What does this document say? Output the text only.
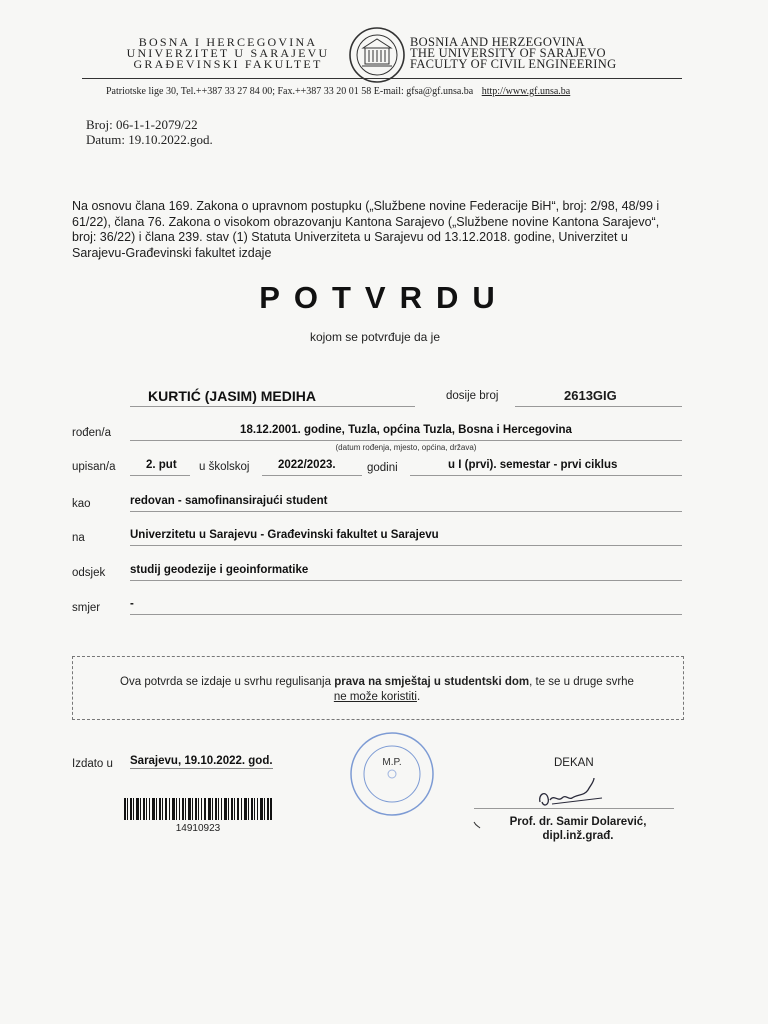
BOSNA I HERCEGOVINA
UNIVERZITET U SARAJEVU
GRAĐEVINSKI FAKULTET
BOSNIA AND HERZEGOVINA
THE UNIVERSITY OF SARAJEVO
FACULTY OF CIVIL ENGINEERING
Patriotske lige 30, Tel.++387 33 27 84 00; Fax.++387 33 20 01 58 E-mail: gfsa@gf.unsa.ba http://www.gf.unsa.ba
Broj: 06-1-1-2079/22
Datum: 19.10.2022.god.
Na osnovu člana 169. Zakona o upravnom postupku („Službene novine Federacije BiH“, broj: 2/98, 48/99 i 61/22), člana 76. Zakona o visokom obrazovanju Kantona Sarajevo („Službene novine Kantona Sarajevo“, broj: 36/22) i člana 239. stav (1) Statuta Univerziteta u Sarajevu od 13.12.2018. godine, Univerzitet u Sarajevu-Građevinski fakultet izdaje
POTVRDU
kojom se potvrđuje da je
KURTIĆ (JASIM) MEDIHA	dosije broj	2613GIG
rođen/a	18.12.2001. godine, Tuzla, općina Tuzla, Bosna i Hercegovina
(datum rođenja, mjesto, općina, država)
upisan/a	2. put u školskoj 2022/2023.	godini	u I (prvi). semestar - prvi ciklus
kao	redovan - samofinansirajući student
na	Univerzitetu u Sarajevu - Građevinski fakultet u Sarajevu
odsjek studij geodezije i geoinformatike
smjer	-
Ova potvrda se izdaje u svrhu regulisanja prava na smještaj u studentski dom, te se u druge svrhe
ne može koristiti.
Izdato u Sarajevu, 19.10.2022. god.	M.P.	DEKAN
Prof. dr. Samir Dolarević,
dipl.inž.građ.
14910923
